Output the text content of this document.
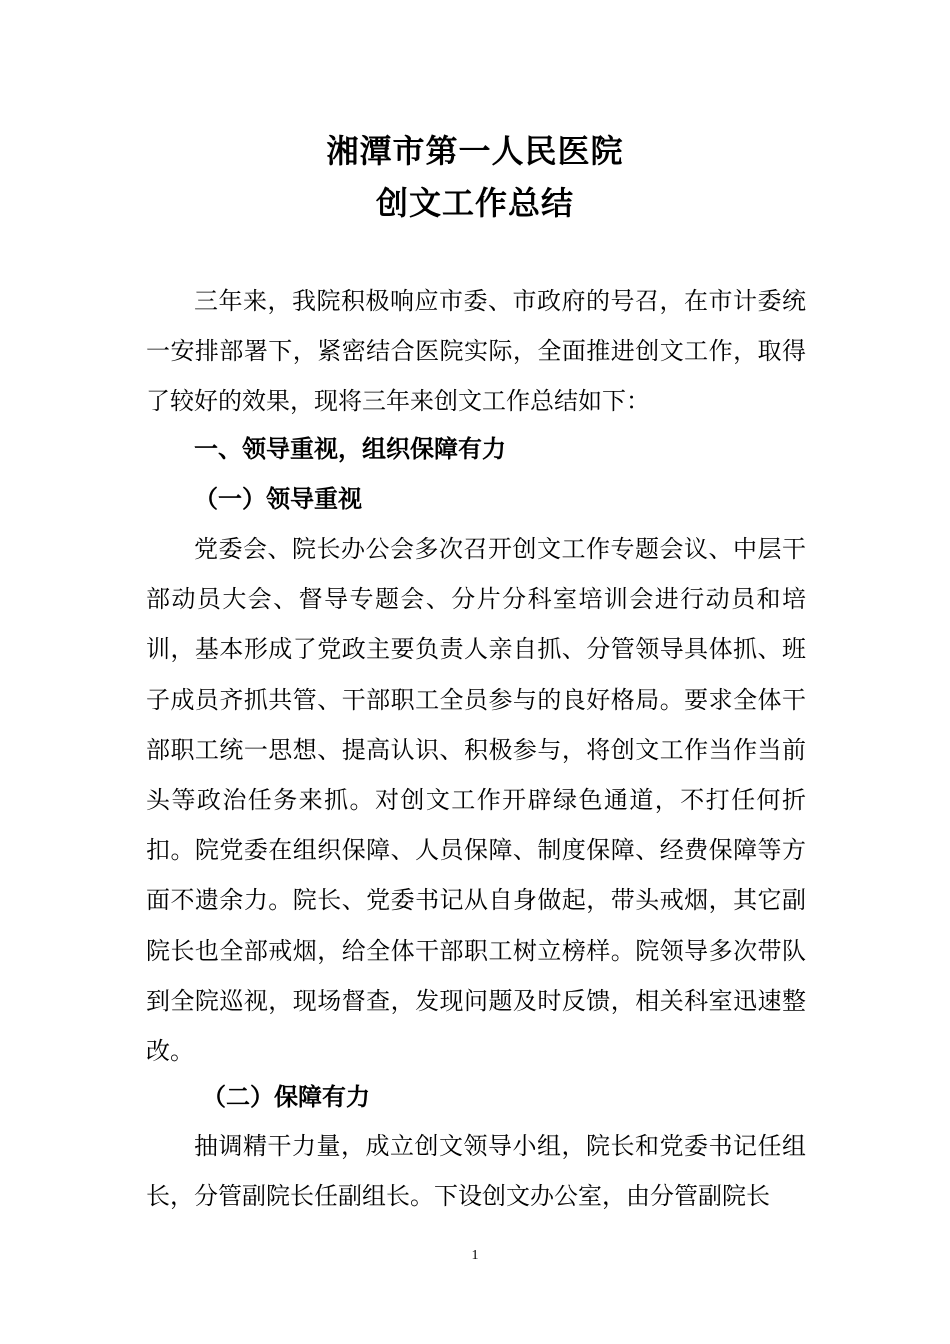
湘潭市第一人民医院
创文工作总结

三年来，我院积极响应市委、市政府的号召，在市计委统一安排部署下，紧密结合医院实际，全面推进创文工作，取得了较好的效果，现将三年来创文工作总结如下：

一、领导重视，组织保障有力

（一）领导重视

党委会、院长办公会多次召开创文工作专题会议、中层干部动员大会、督导专题会、分片分科室培训会进行动员和培训，基本形成了党政主要负责人亲自抓、分管领导具体抓、班子成员齐抓共管、干部职工全员参与的良好格局。要求全体干部职工统一思想、提高认识、积极参与，将创文工作当作当前头等政治任务来抓。对创文工作开辟绿色通道，不打任何折扣。院党委在组织保障、人员保障、制度保障、经费保障等方面不遗余力。院长、党委书记从自身做起，带头戒烟，其它副院长也全部戒烟，给全体干部职工树立榜样。院领导多次带队到全院巡视，现场督查，发现问题及时反馈，相关科室迅速整改。

（二）保障有力

抽调精干力量，成立创文领导小组，院长和党委书记任组长，分管副院长任副组长。下设创文办公室，由分管副院长

1
